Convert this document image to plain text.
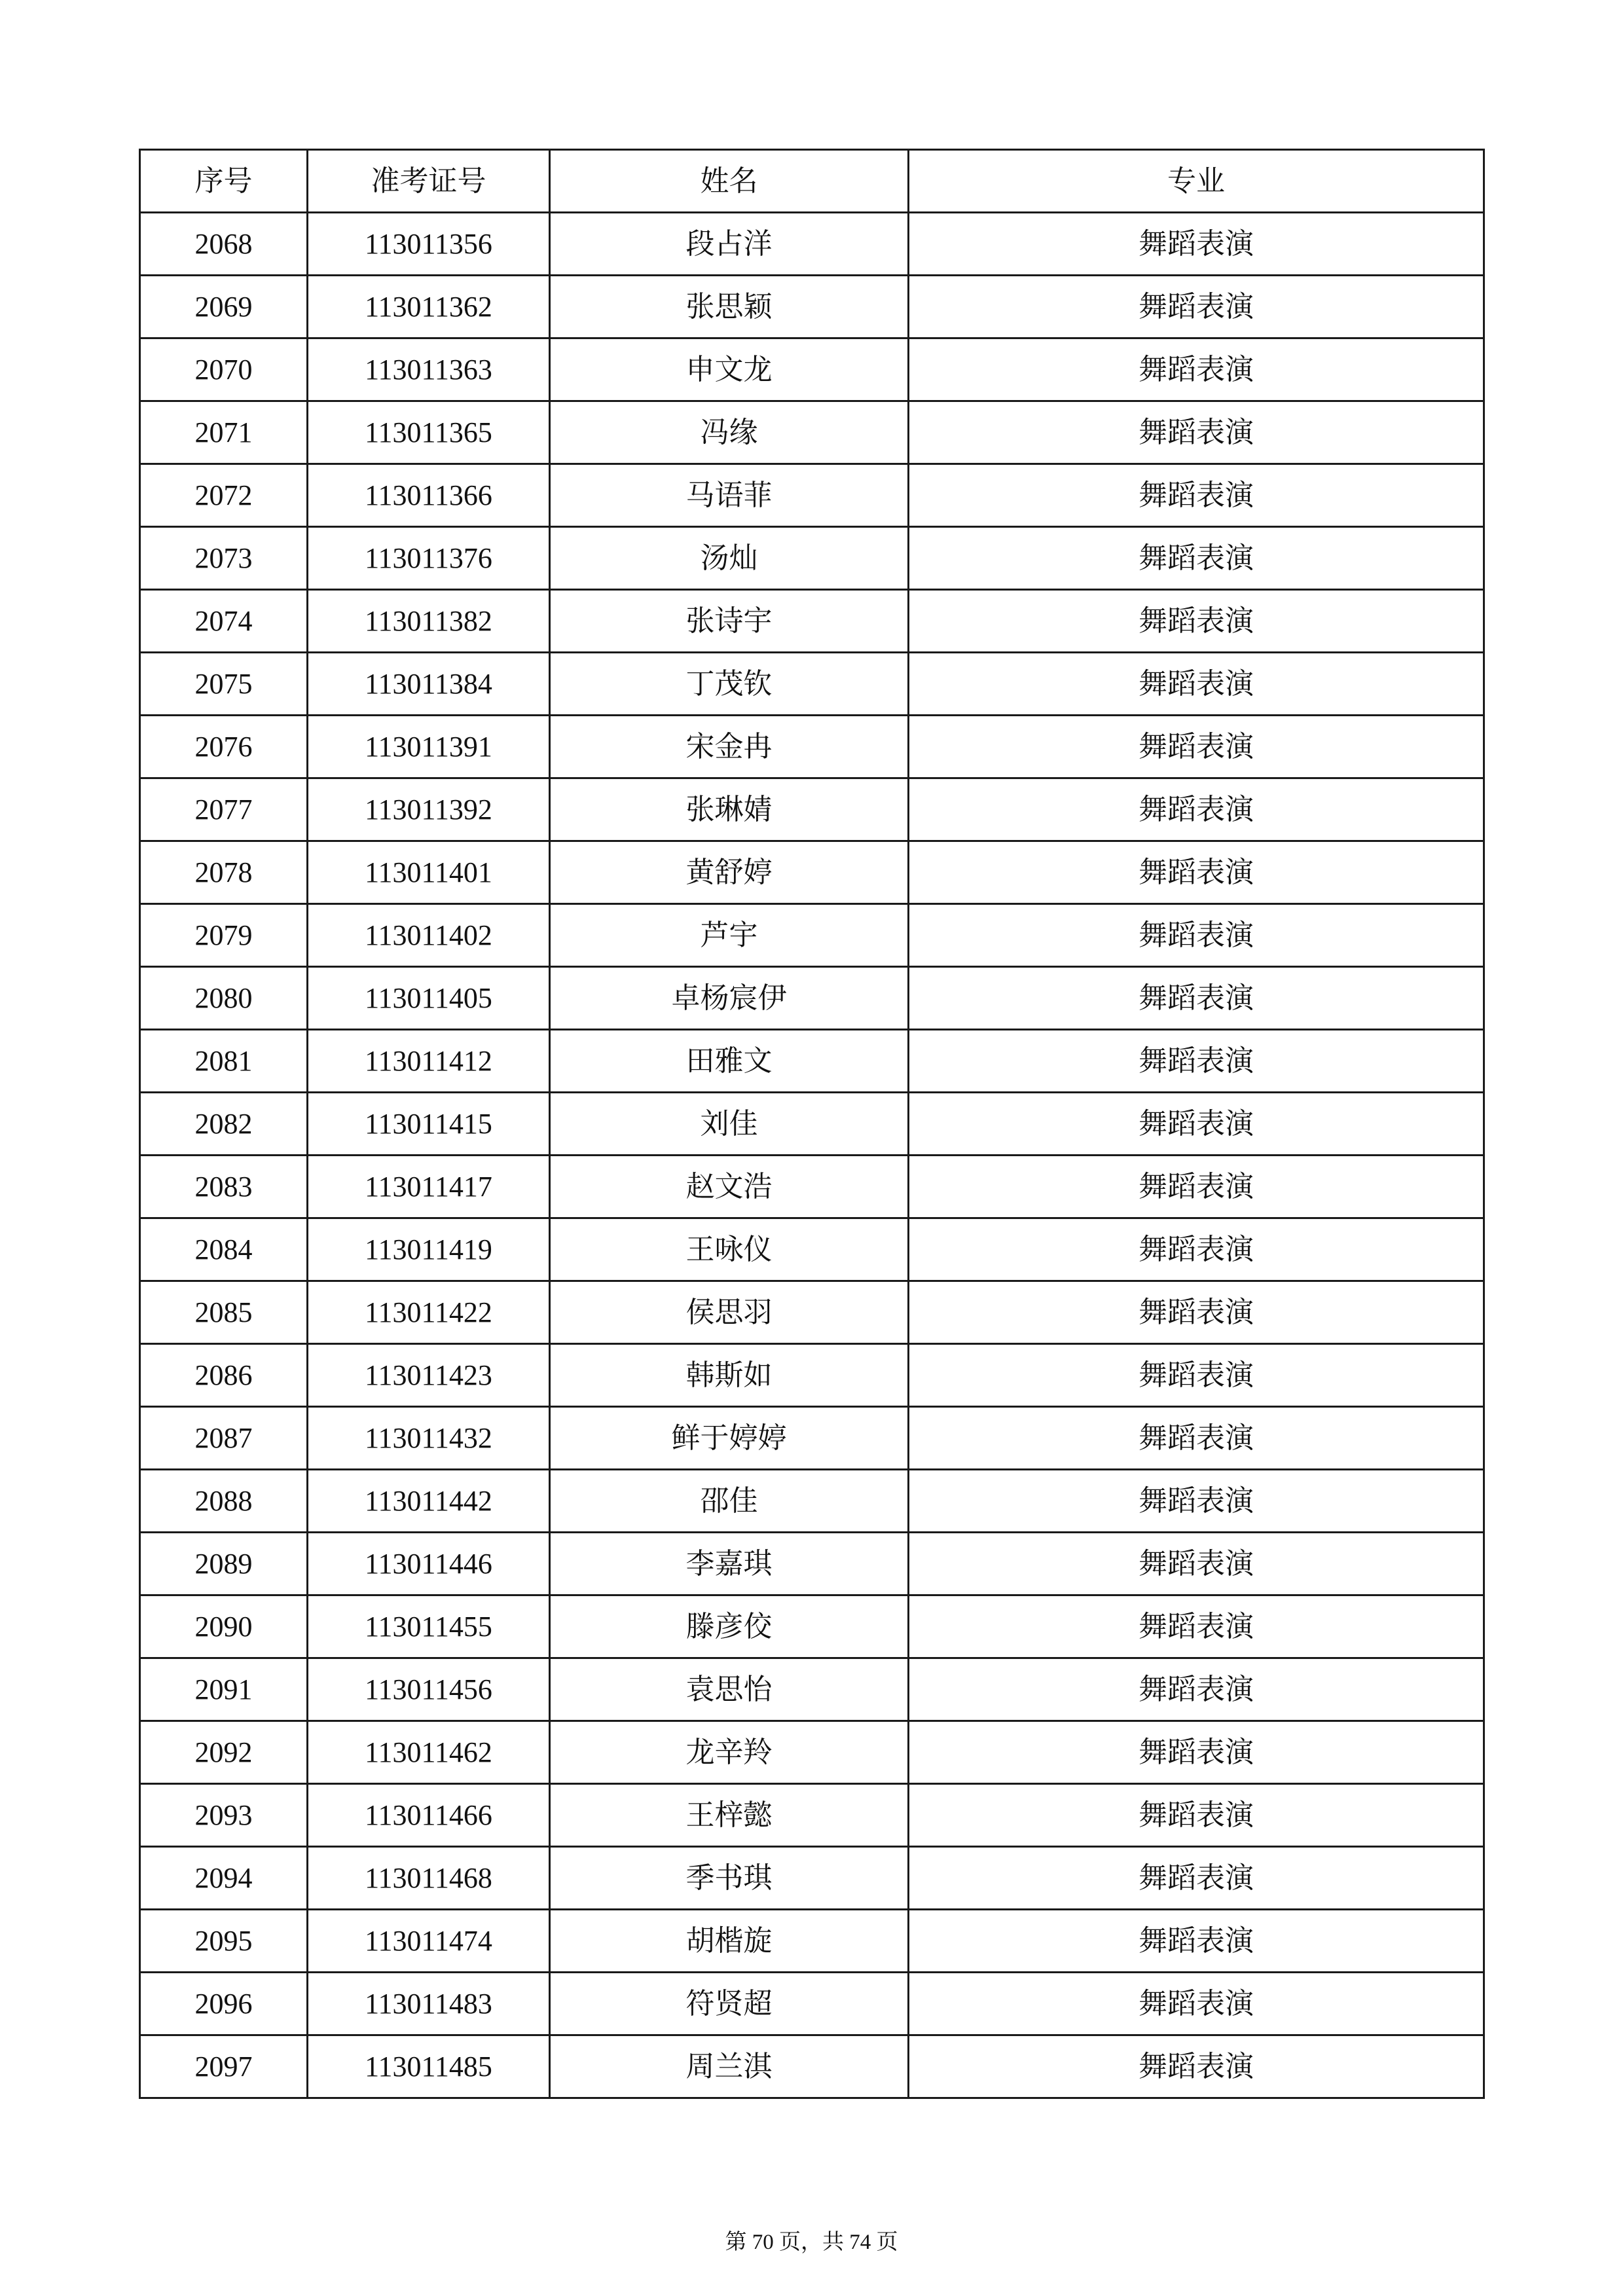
序号	准考证号	姓名	专业
2068	113011356	段占洋	舞蹈表演
2069	113011362	张思颖	舞蹈表演
2070	113011363	申文龙	舞蹈表演
2071	113011365	冯缘	舞蹈表演
2072	113011366	马语菲	舞蹈表演
2073	113011376	汤灿	舞蹈表演
2074	113011382	张诗宇	舞蹈表演
2075	113011384	丁茂钦	舞蹈表演
2076	113011391	宋金冉	舞蹈表演
2077	113011392	张琳婧	舞蹈表演
2078	113011401	黄舒婷	舞蹈表演
2079	113011402	芦宇	舞蹈表演
2080	113011405	卓杨宸伊	舞蹈表演
2081	113011412	田雅文	舞蹈表演
2082	113011415	刘佳	舞蹈表演
2083	113011417	赵文浩	舞蹈表演
2084	113011419	王咏仪	舞蹈表演
2085	113011422	侯思羽	舞蹈表演
2086	113011423	韩斯如	舞蹈表演
2087	113011432	鲜于婷婷	舞蹈表演
2088	113011442	邵佳	舞蹈表演
2089	113011446	李嘉琪	舞蹈表演
2090	113011455	滕彦佼	舞蹈表演
2091	113011456	袁思怡	舞蹈表演
2092	113011462	龙辛羚	舞蹈表演
2093	113011466	王梓懿	舞蹈表演
2094	113011468	季书琪	舞蹈表演
2095	113011474	胡楷旋	舞蹈表演
2096	113011483	符贤超	舞蹈表演
2097	113011485	周兰淇	舞蹈表演
第 70 页，共 74 页
